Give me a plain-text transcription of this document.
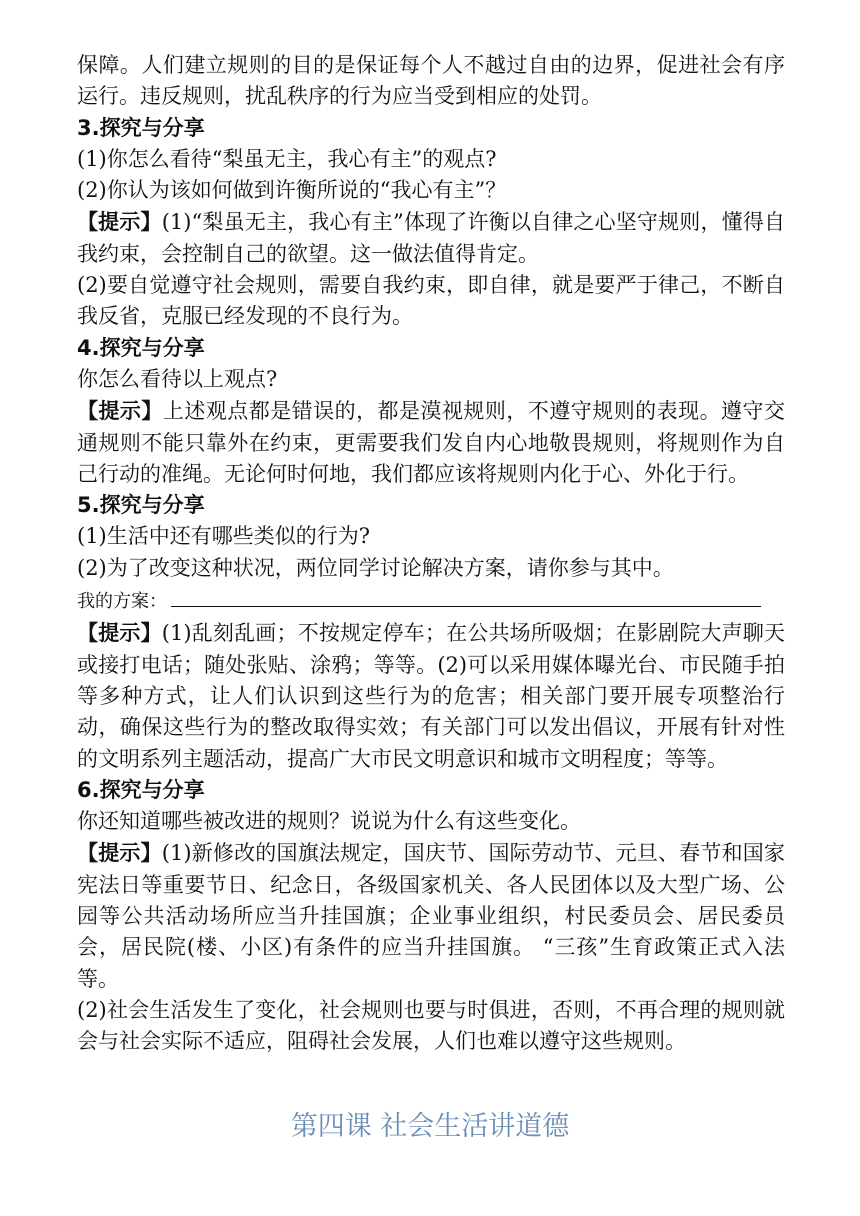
保障。人们建立规则的目的是保证每个人不越过自由的边界，促进社会有序运行。违反规则，扰乱秩序的行为应当受到相应的处罚。

3.探究与分享

(1)你怎么看待“梨虽无主，我心有主”的观点?

(2)你认为该如何做到许衡所说的“我心有主”？

【提示】(1)“梨虽无主，我心有主”体现了许衡以自律之心坚守规则，懂得自我约束，会控制自己的欲望。这一做法值得肯定。

(2)要自觉遵守社会规则，需要自我约束，即自律，就是要严于律己，不断自我反省，克服已经发现的不良行为。

4.探究与分享

你怎么看待以上观点?

【提示】上述观点都是错误的，都是漠视规则，不遵守规则的表现。遵守交通规则不能只靠外在约束，更需要我们发自内心地敬畏规则，将规则作为自己行动的准绳。无论何时何地，我们都应该将规则内化于心、外化于行。

5.探究与分享

(1)生活中还有哪些类似的行为?

(2)为了改变这种状况，两位同学讨论解决方案，请你参与其中。

我的方案：

【提示】(1)乱刻乱画；不按规定停车；在公共场所吸烟；在影剧院大声聊天或接打电话；随处张贴、涂鸦；等等。(2)可以采用媒体曝光台、市民随手拍等多种方式，让人们认识到这些行为的危害；相关部门要开展专项整治行动，确保这些行为的整改取得实效；有关部门可以发出倡议，开展有针对性的文明系列主题活动，提高广大市民文明意识和城市文明程度；等等。

6.探究与分享

你还知道哪些被改进的规则？说说为什么有这些变化。

【提示】(1)新修改的国旗法规定，国庆节、国际劳动节、元旦、春节和国家宪法日等重要节日、纪念日，各级国家机关、各人民团体以及大型广场、公园等公共活动场所应当升挂国旗；企业事业组织，村民委员会、居民委员会，居民院(楼、小区)有条件的应当升挂国旗。 “三孩”生育政策正式入法等。

(2)社会生活发生了变化，社会规则也要与时俱进，否则，不再合理的规则就会与社会实际不适应，阻碍社会发展，人们也难以遵守这些规则。

第四课 社会生活讲道德
